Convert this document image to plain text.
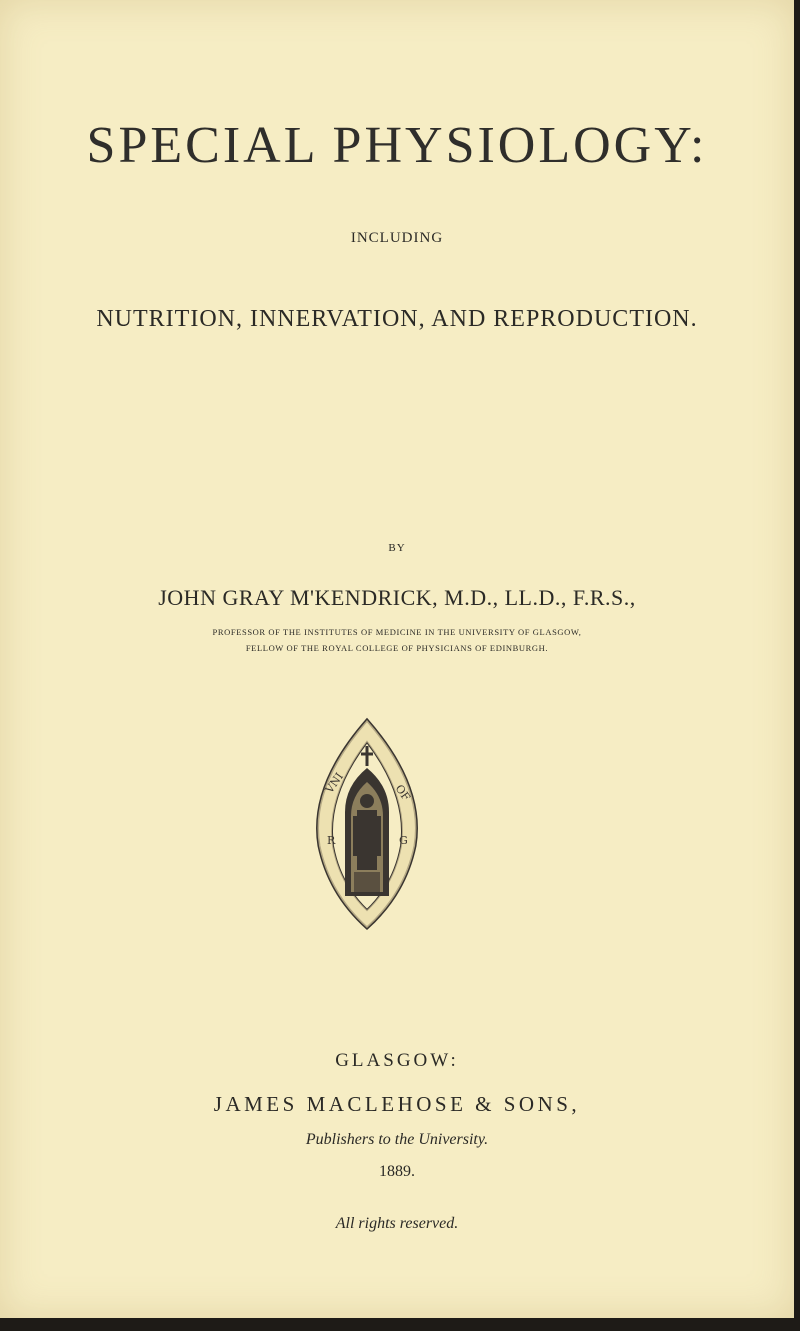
SPECIAL PHYSIOLOGY:
INCLUDING
NUTRITION, INNERVATION, AND REPRODUCTION.
BY
JOHN GRAY M'KENDRICK, M.D., LL.D., F.R.S.,
PROFESSOR OF THE INSTITUTES OF MEDICINE IN THE UNIVERSITY OF GLASGOW,
FELLOW OF THE ROYAL COLLEGE OF PHYSICIANS OF EDINBURGH.
VNI
R	G
OF
GLASGOW:
JAMES MACLEHOSE & SONS,
Publishers to the University.
1889.
All rights reserved.
